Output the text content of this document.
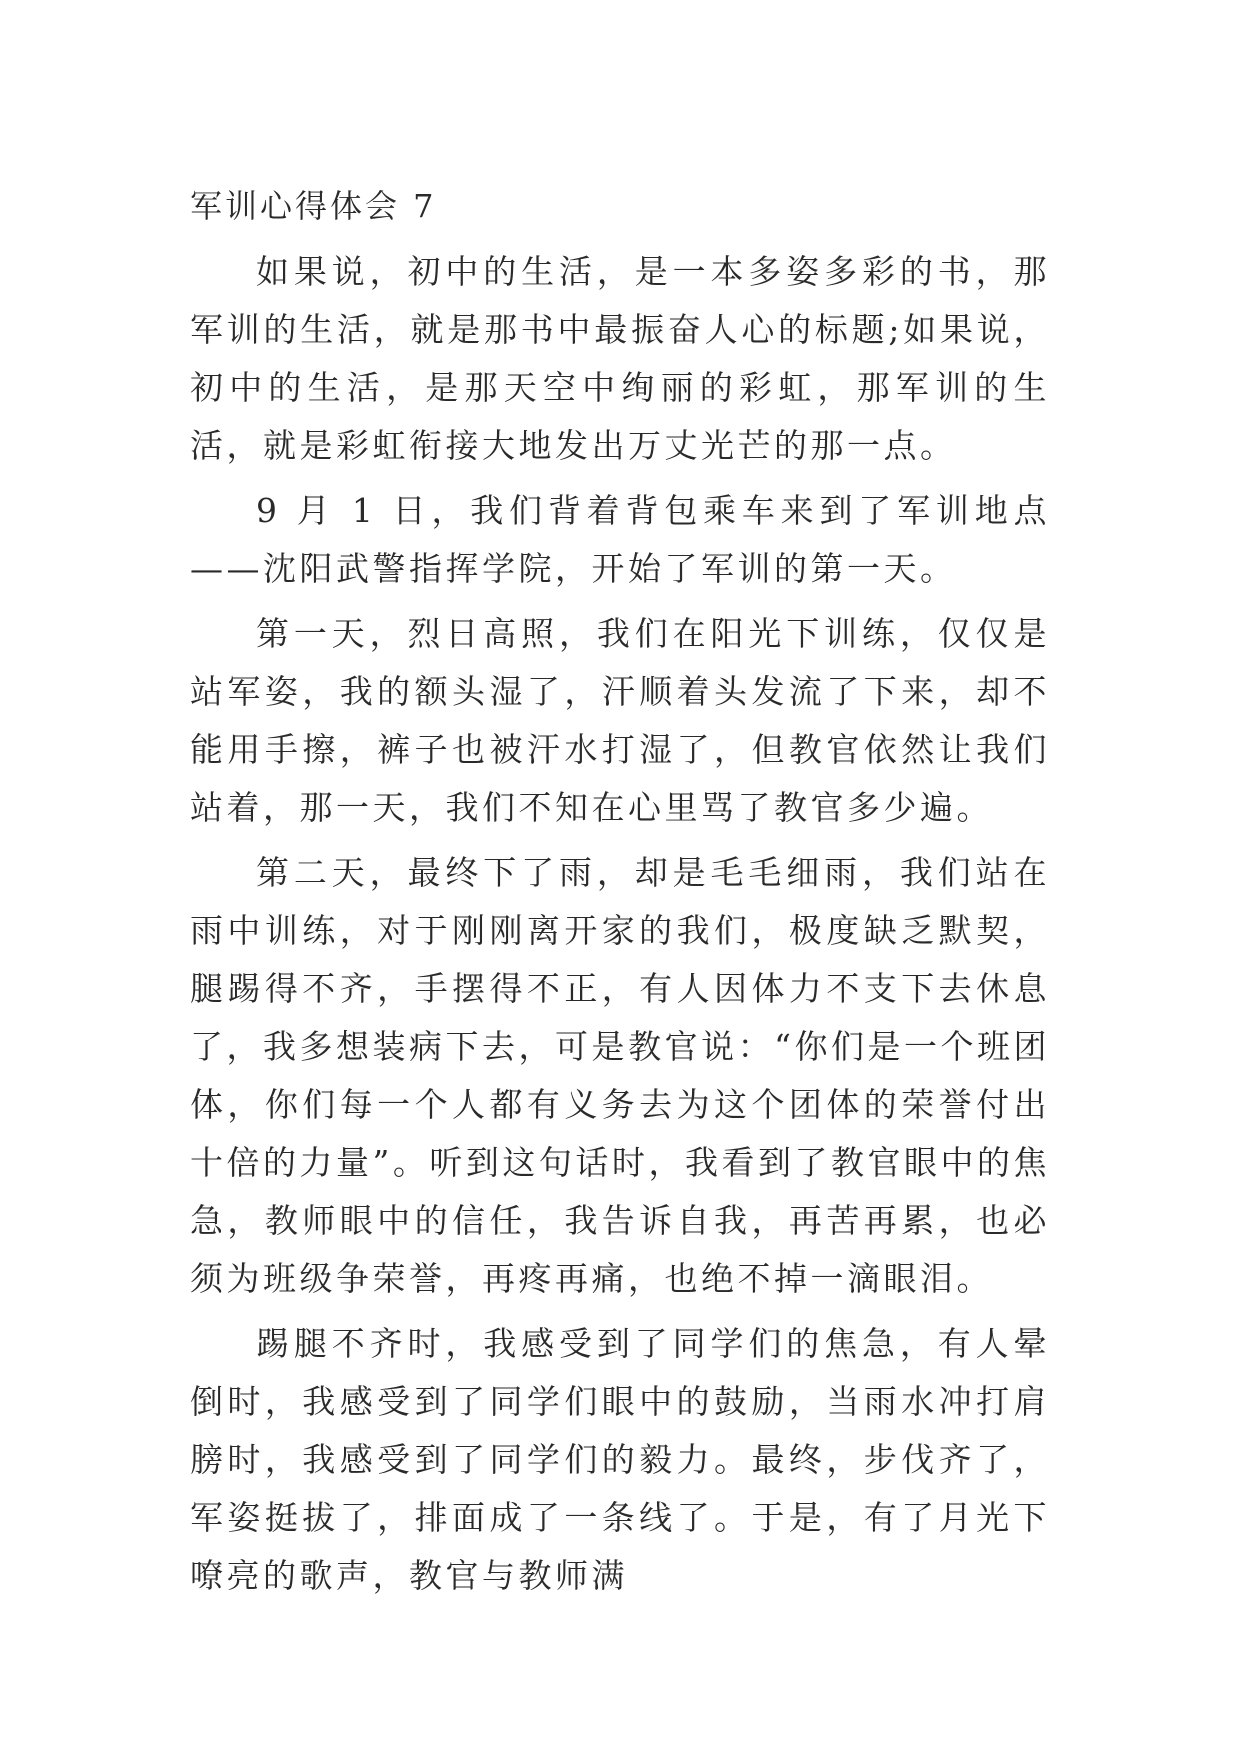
军训心得体会 7

如果说，初中的生活，是一本多姿多彩的书，那军训的生活，就是那书中最振奋人心的标题;如果说，初中的生活，是那天空中绚丽的彩虹，那军训的生活，就是彩虹衔接大地发出万丈光芒的那一点。

9 月 1 日，我们背着背包乘车来到了军训地点——沈阳武警指挥学院，开始了军训的第一天。

第一天，烈日高照，我们在阳光下训练，仅仅是站军姿，我的额头湿了，汗顺着头发流了下来，却不能用手擦，裤子也被汗水打湿了，但教官依然让我们站着，那一天，我们不知在心里骂了教官多少遍。

第二天，最终下了雨，却是毛毛细雨，我们站在雨中训练，对于刚刚离开家的我们，极度缺乏默契，腿踢得不齐，手摆得不正，有人因体力不支下去休息了，我多想装病下去，可是教官说：“你们是一个班团体，你们每一个人都有义务去为这个团体的荣誉付出十倍的力量”。听到这句话时，我看到了教官眼中的焦急，教师眼中的信任，我告诉自我，再苦再累，也必须为班级争荣誉，再疼再痛，也绝不掉一滴眼泪。

踢腿不齐时，我感受到了同学们的焦急，有人晕倒时，我感受到了同学们眼中的鼓励，当雨水冲打肩膀时，我感受到了同学们的毅力。最终，步伐齐了，军姿挺拔了，排面成了一条线了。于是，有了月光下嘹亮的歌声，教官与教师满
